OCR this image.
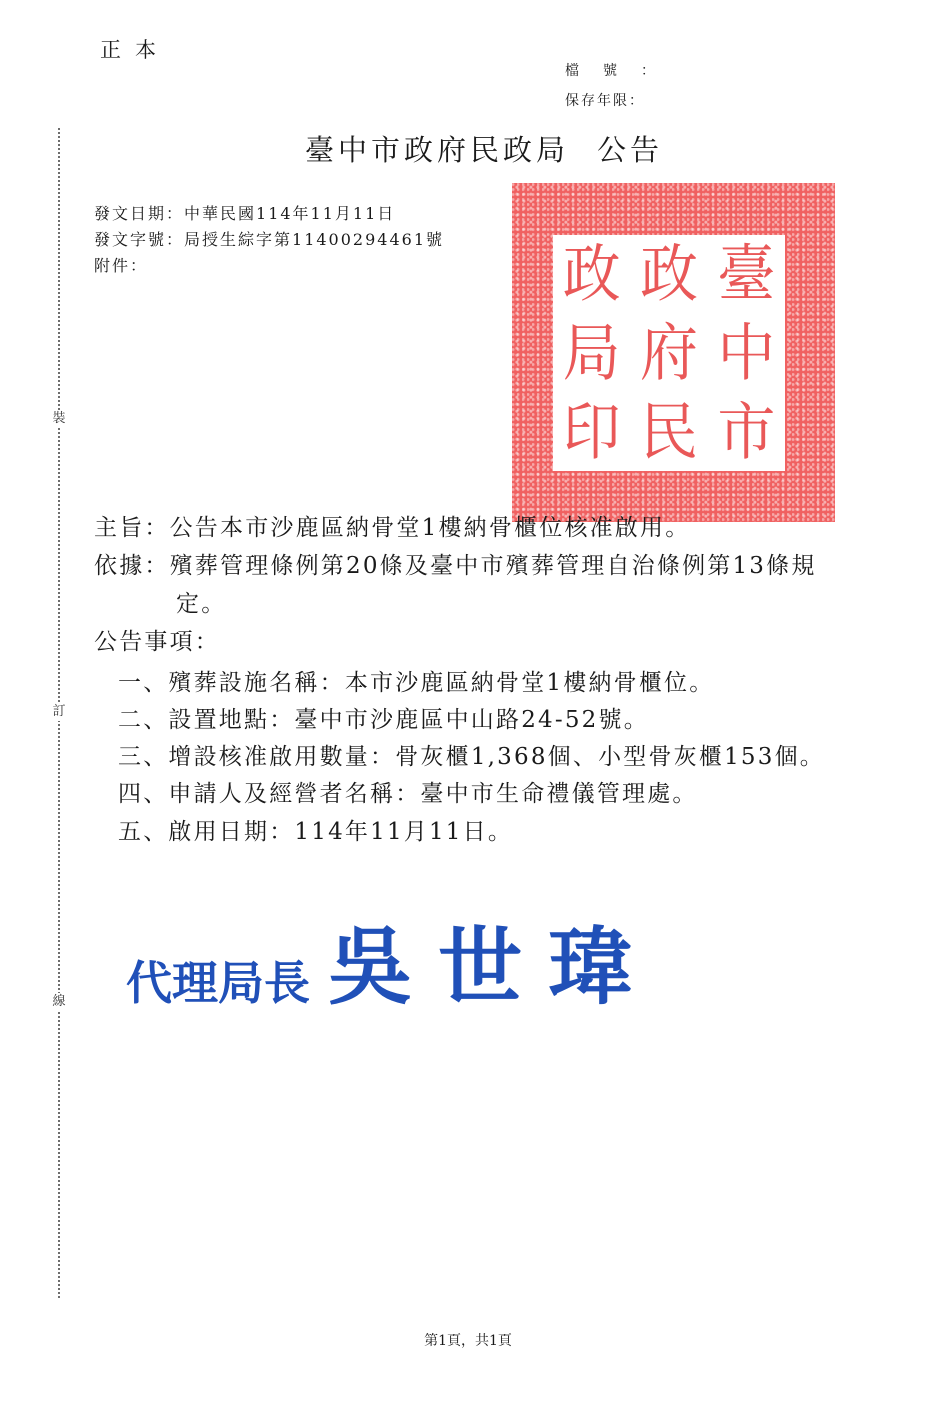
正本
檔號：
保存年限：
裝
訂
線
臺中市政府民政局 公告
發文日期：中華民國114年11月11日
發文字號：局授生綜字第11400294461號
附件：	臺
中
市
政
府
民
政
局
印
主旨：公告本市沙鹿區納骨堂1樓納骨櫃位核准啟用。
依據：殯葬管理條例第20條及臺中市殯葬管理自治條例第13條規
定。
公告事項：
一、殯葬設施名稱：本市沙鹿區納骨堂1樓納骨櫃位。
二、設置地點：臺中市沙鹿區中山路24-52號。
三、增設核准啟用數量：骨灰櫃1,368個、小型骨灰櫃153個。
四、申請人及經營者名稱：臺中市生命禮儀管理處。
五、啟用日期：114年11月11日。
代理局長 吳世瑋
第1頁，共1頁
